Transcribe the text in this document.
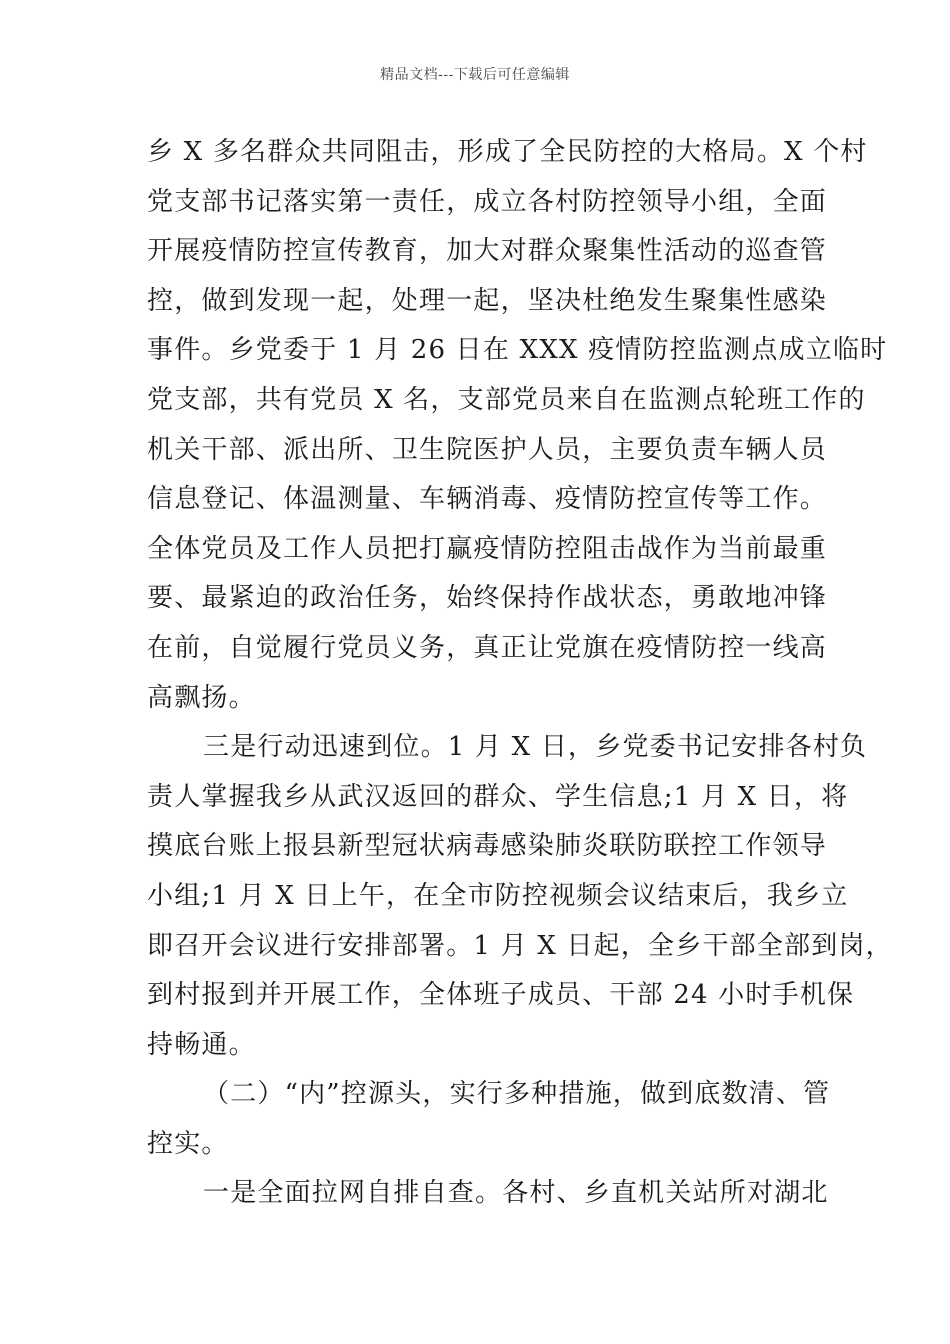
精品文档---下载后可任意编辑
乡 X 多名群众共同阻击，形成了全民防控的大格局。X 个村
党支部书记落实第一责任，成立各村防控领导小组，全面
开展疫情防控宣传教育，加大对群众聚集性活动的巡查管
控，做到发现一起，处理一起，坚决杜绝发生聚集性感染
事件。乡党委于 1 月 26 日在 XXX 疫情防控监测点成立临时
党支部，共有党员 X 名，支部党员来自在监测点轮班工作的
机关干部、派出所、卫生院医护人员，主要负责车辆人员
信息登记、体温测量、车辆消毒、疫情防控宣传等工作。
全体党员及工作人员把打赢疫情防控阻击战作为当前最重
要、最紧迫的政治任务，始终保持作战状态，勇敢地冲锋
在前，自觉履行党员义务，真正让党旗在疫情防控一线高
高飘扬。
三是行动迅速到位。1 月 X 日，乡党委书记安排各村负
责人掌握我乡从武汉返回的群众、学生信息;1 月 X 日，将
摸底台账上报县新型冠状病毒感染肺炎联防联控工作领导
小组;1 月 X 日上午，在全市防控视频会议结束后，我乡立
即召开会议进行安排部署。1 月 X 日起，全乡干部全部到岗，
到村报到并开展工作，全体班子成员、干部 24 小时手机保
持畅通。
（二）“内”控源头，实行多种措施，做到底数清、管
控实。
一是全面拉网自排自查。各村、乡直机关站所对湖北
